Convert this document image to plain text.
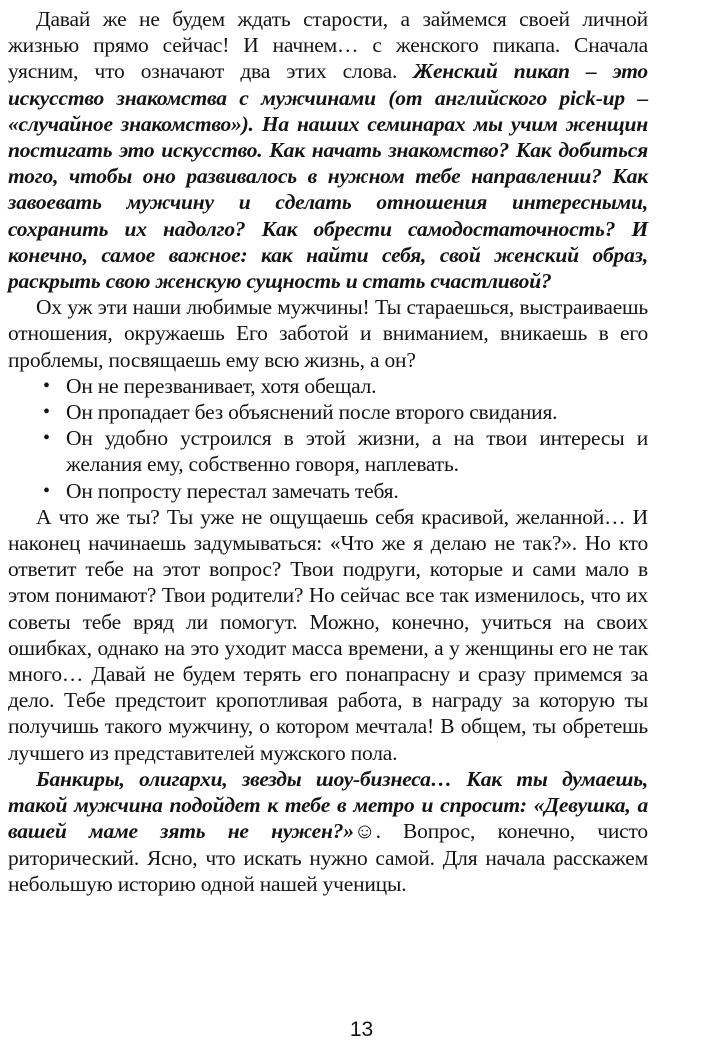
Давай же не будем ждать старости, а займемся своей личной жизнью прямо сейчас! И начнем… с женского пикапа. Сначала уясним, что означают два этих слова. Женский пикап – это искусство знакомства с мужчинами (от английского pick-up – «случайное знакомство»). На наших семинарах мы учим женщин постигать это искусство. Как начать знакомство? Как добиться того, чтобы оно развивалось в нужном тебе направлении? Как завоевать мужчину и сделать отношения интересными, сохранить их надолго? Как обрести самодостаточность? И конечно, самое важное: как найти себя, свой женский образ, раскрыть свою женскую сущность и стать счастливой?

Ох уж эти наши любимые мужчины! Ты стараешься, выстраиваешь отношения, окружаешь Его заботой и вниманием, вникаешь в его проблемы, посвящаешь ему всю жизнь, а он?

• Он не перезванивает, хотя обещал.
• Он пропадает без объяснений после второго свидания.
• Он удобно устроился в этой жизни, а на твои интересы и желания ему, собственно говоря, наплевать.
• Он попросту перестал замечать тебя.

А что же ты? Ты уже не ощущаешь себя красивой, желанной… И наконец начинаешь задумываться: «Что же я делаю не так?». Но кто ответит тебе на этот вопрос? Твои подруги, которые и сами мало в этом понимают? Твои родители? Но сейчас все так изменилось, что их советы тебе вряд ли помогут. Можно, конечно, учиться на своих ошибках, однако на это уходит масса времени, а у женщины его не так много… Давай не будем терять его понапрасну и сразу примемся за дело. Тебе предстоит кропотливая работа, в награду за которую ты получишь такого мужчину, о котором мечтала! В общем, ты обретешь лучшего из представителей мужского пола.

Банкиры, олигархи, звезды шоу-бизнеса… Как ты думаешь, такой мужчина подойдет к тебе в метро и спросит: «Девушка, а вашей маме зять не нужен?»☺. Вопрос, конечно, чисто риторический. Ясно, что искать нужно самой. Для начала расскажем небольшую историю одной нашей ученицы.

13
